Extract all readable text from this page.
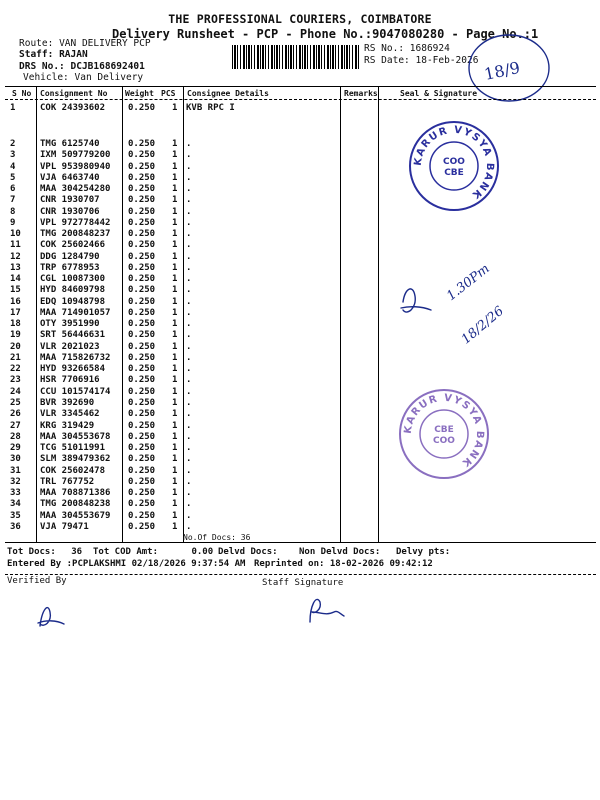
THE PROFESSIONAL COURIERS, COIMBATORE
Delivery Runsheet - PCP - Phone No.:9047080280 - Page No.:1
Route: VAN DELIVERY PCP
Staff: RAJAN
DRS No.: DCJB168692401
Vehicle: Van Delivery
RS No.: 1686924
RS Date: 18-Feb-2026 18/9
S No Consignment No Weight PCS Consignee Details	Remarks	Seal & Signature
1	COK 24393602	0.250 1 KVB RPC I
2	TMG 6125740	0.250 1 .
3	IXM 509779200 0.250 1 .
4	VPL 953980940 0.250 1 .
5	VJA 6463740	0.250 1 .
6	MAA 304254280 0.250 1 .
7	CNR 1930707	0.250 1 .
8	CNR 1930706	0.250 1 .
9	VPL 972778442 0.250 1 .
10 TMG 200848237 0.250 1 .
11 COK 25602466	0.250 1 .
12 DDG 1284790	0.250 1 .
13 TRP 6778953	0.250 1 .
14 CGL 10087300	0.250 1 .
15 HYD 84609798	0.250 1 .
16 EDQ 10948798	0.250 1 .
17 MAA 714901057 0.250 1 .
18 OTY 3951990	0.250 1 .
19 SRT 56446631	0.250 1 .
20 VLR 2021023	0.250 1 .
21 MAA 715826732 0.250 1 .
22 HYD 93266584	0.250 1 .
23 HSR 7706916	0.250 1 .
24 CCU 101574174 0.250 1 .
25 BVR 392690	0.250 1 .
26 VLR 3345462	0.250 1 .
27 KRG 319429	0.250 1 .
28 MAA 304553678 0.250 1 .
29 TCG 51011991	0.250 1 .
30 SLM 389479362 0.250 1 .
31 COK 25602478	0.250 1 .
32 TRL 767752	0.250 1 .
33 MAA 708871386 0.250 1 .
34 TMG 200848238 0.250 1 .
35 MAA 304553679 0.250 1 .
36 VJA 79471	0.250 1 .
No.Of Docs: 36
KARUR VYSYA BANK
COO
CBE
KARUR VYSYA BANK
CBE
COO
1.30Pm
18/2/26
Tot Docs: 36 Tot COD Amt:	0.00 Delvd Docs: Non Delvd Docs: Delvy pts:
Entered By :PCPLAKSHMI 02/18/2026 9:37:54 AM Reprinted on: 18-02-2026 09:42:12
Verified By	Staff Signature
